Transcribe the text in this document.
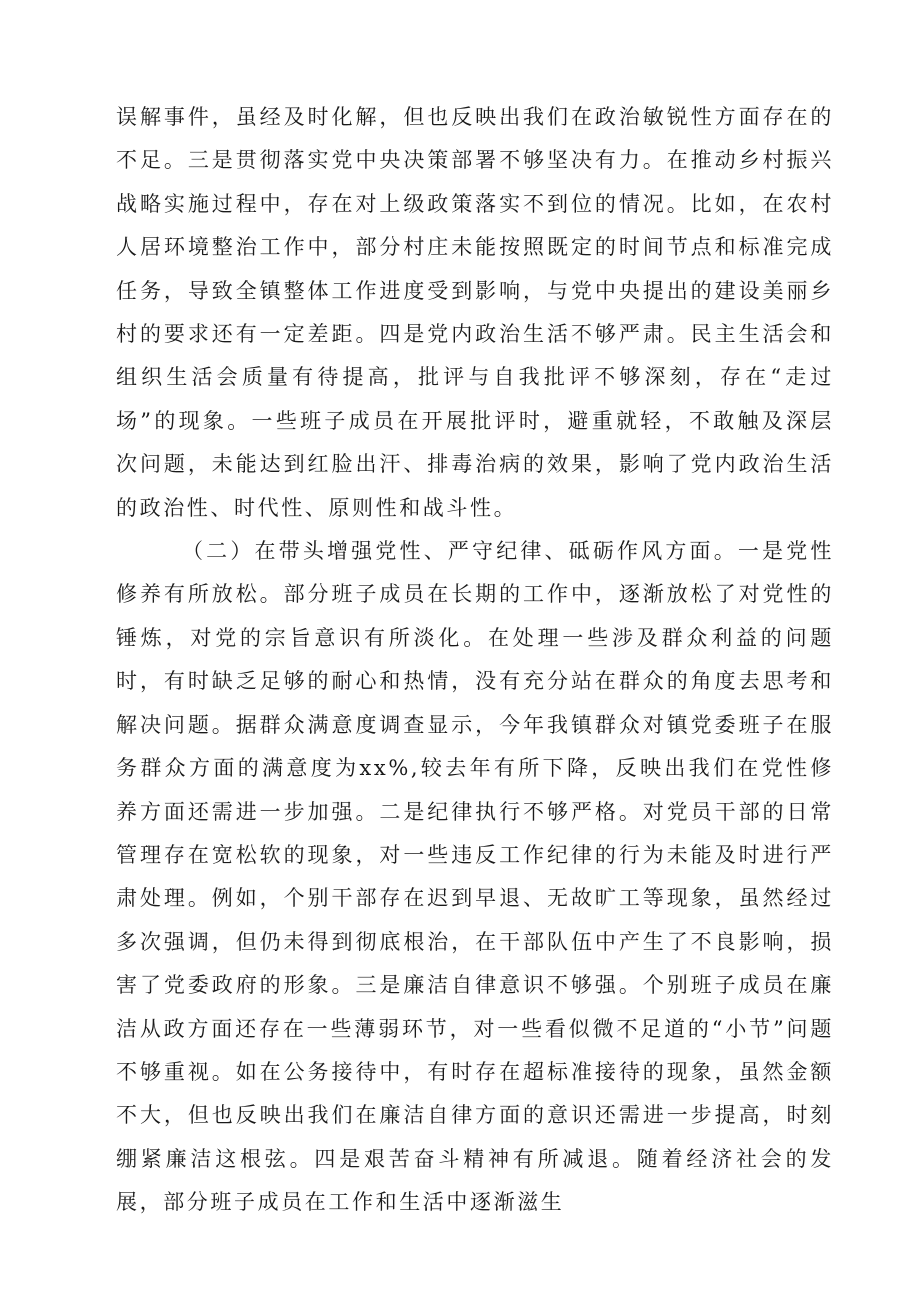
误解事件，虽经及时化解，但也反映出我们在政治敏锐性方面存在的不足。三是贯彻落实党中央决策部署不够坚决有力。在推动乡村振兴战略实施过程中，存在对上级政策落实不到位的情况。比如，在农村人居环境整治工作中，部分村庄未能按照既定的时间节点和标准完成任务，导致全镇整体工作进度受到影响，与党中央提出的建设美丽乡村的要求还有一定差距。四是党内政治生活不够严肃。民主生活会和组织生活会质量有待提高，批评与自我批评不够深刻，存在“走过场”的现象。一些班子成员在开展批评时，避重就轻，不敢触及深层次问题，未能达到红脸出汗、排毒治病的效果，影响了党内政治生活的政治性、时代性、原则性和战斗性。

（二）在带头增强党性、严守纪律、砥砺作风方面。一是党性修养有所放松。部分班子成员在长期的工作中，逐渐放松了对党性的锤炼，对党的宗旨意识有所淡化。在处理一些涉及群众利益的问题时，有时缺乏足够的耐心和热情，没有充分站在群众的角度去思考和解决问题。据群众满意度调查显示，今年我镇群众对镇党委班子在服务群众方面的满意度为xx%,较去年有所下降，反映出我们在党性修养方面还需进一步加强。二是纪律执行不够严格。对党员干部的日常管理存在宽松软的现象，对一些违反工作纪律的行为未能及时进行严肃处理。例如，个别干部存在迟到早退、无故旷工等现象，虽然经过多次强调，但仍未得到彻底根治，在干部队伍中产生了不良影响，损害了党委政府的形象。三是廉洁自律意识不够强。个别班子成员在廉洁从政方面还存在一些薄弱环节，对一些看似微不足道的“小节”问题不够重视。如在公务接待中，有时存在超标准接待的现象，虽然金额不大，但也反映出我们在廉洁自律方面的意识还需进一步提高，时刻绷紧廉洁这根弦。四是艰苦奋斗精神有所减退。随着经济社会的发展，部分班子成员在工作和生活中逐渐滋生
